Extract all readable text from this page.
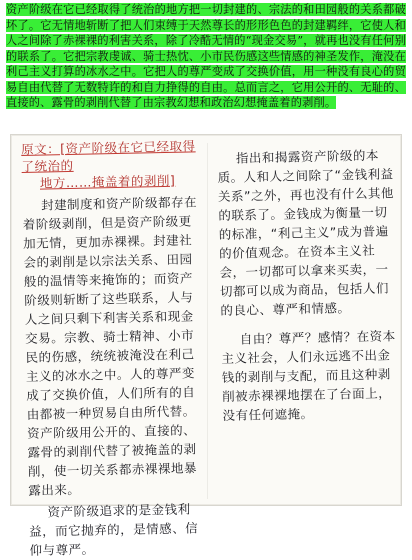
资产阶级在它已经取得了统治的地方把一切封建的、宗法的和田园般的关系都破坏了。它无情地斩断了把人们束缚于天然尊长的形形色色的封建羁绊，它使人和人之间除了赤裸裸的利害关系，除了冷酷无情的“现金交易”，就再也没有任何别的联系了。它把宗教虔诚、骑士热忱、小市民伤感这些情感的神圣发作，淹没在利己主义打算的冰水之中。它把人的尊严变成了交换价值，用一种没有良心的贸易自由代替了无数特许的和自力挣得的自由。总而言之，它用公开的、无耻的、直接的、露骨的剥削代替了由宗教幻想和政治幻想掩盖着的剥削。
原文：[资产阶级在它已经取得了统治的
地方……掩盖着的剥削]

封建制度和资产阶级都存在着阶级剥削，但是资产阶级更加无情，更加赤裸裸。封建社会的剥削是以宗法关系、田园般的温情等来掩饰的；而资产阶级则斩断了这些联系，人与人之间只剩下利害关系和现金交易。宗教、骑士精神、小市民的伤感，统统被淹没在利己主义的冰水之中。人的尊严变成了交换价值，人们所有的自由都被一种贸易自由所代替。资产阶级用公开的、直接的、露骨的剥削代替了被掩盖的剥削，使一切关系都赤裸裸地暴露出来。

资产阶级追求的是金钱利益，而它抛弃的，是情感、信仰与尊严。

指出和揭露资产阶级的本质。人和人之间除了“金钱利益关系”之外，再也没有什么其他的联系了。金钱成为衡量一切的标准，“利己主义”成为普遍的价值观念。在资本主义社会，一切都可以拿来买卖，一切都可以成为商品，包括人们的良心、尊严和情感。

自由？尊严？感情？在资本主义社会，人们永远逃不出金钱的剥削与支配，而且这种剥削被赤裸裸地摆在了台面上，没有任何遮掩。
